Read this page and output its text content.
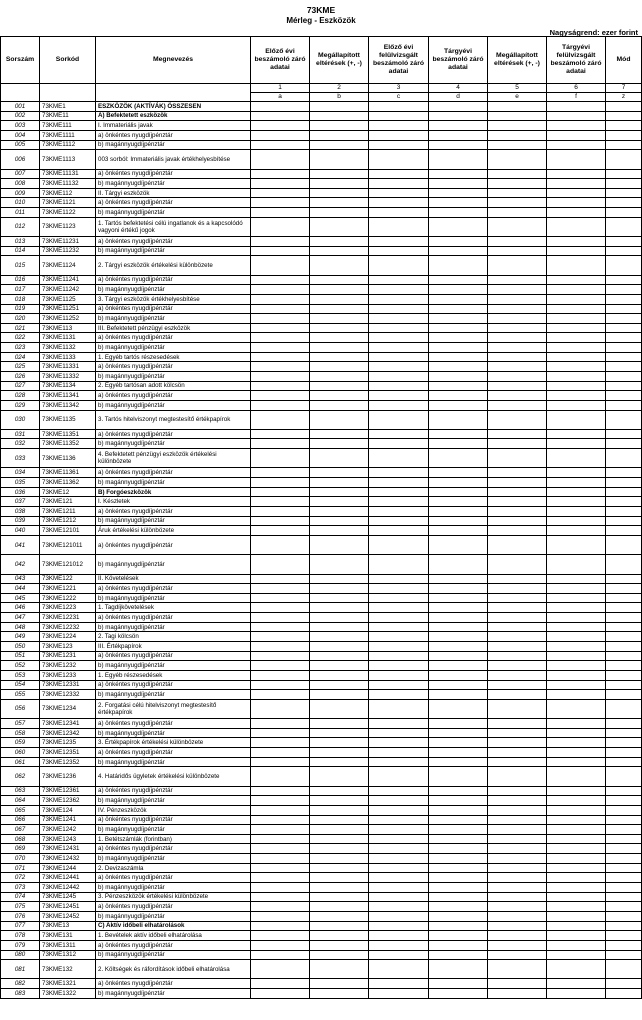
73KME
Mérleg - Eszközök
Nagyságrend: ezer forint
Sorszám	Sorkód	Megnevezés	Előző évi beszámoló záró adatai	Megállapított eltérések (+, -)	Előző évi felülvizsgált beszámoló záró adatai	Tárgyévi beszámoló záró adatai	Megállapított eltérések (+, -)	Tárgyévi felülvizsgált beszámoló záró adatai	Mód
			1	2	3	4	5	6	7
			a	b	c	d	e	f	z
001	73KME1	ESZKÖZÖK (AKTÍVÁK) ÖSSZESEN							
002	73KME11	A) Befektetett eszközök							
003	73KME111	I. Immateriális javak							
004	73KME1111	a) önkéntes nyugdíjpénztár							
005	73KME1112	b) magánnyugdíjpénztár							
006	73KME1113	003 sorból: Immateriális javak értékhelyesbítése							
007	73KME11131	a) önkéntes nyugdíjpénztár							
008	73KME11132	b) magánnyugdíjpénztár							
009	73KME112	II. Tárgyi eszközök							
010	73KME1121	a) önkéntes nyugdíjpénztár							
011	73KME1122	b) magánnyugdíjpénztár							
012	73KME1123	1. Tartós befektetési célú ingatlanok és a kapcsolódó vagyoni értékű jogok							
013	73KME11231	a) önkéntes nyugdíjpénztár							
014	73KME11232	b) magánnyugdíjpénztár							
015	73KME1124	2. Tárgyi eszközök értékelési különbözete							
016	73KME11241	a) önkéntes nyugdíjpénztár							
017	73KME11242	b) magánnyugdíjpénztár							
018	73KME1125	3. Tárgyi eszközök értékhelyesbítése							
019	73KME11251	a) önkéntes nyugdíjpénztár							
020	73KME11252	b) magánnyugdíjpénztár							
021	73KME113	III. Befektetett pénzügyi eszközök							
022	73KME1131	a) önkéntes nyugdíjpénztár							
023	73KME1132	b) magánnyugdíjpénztár							
024	73KME1133	1. Egyéb tartós részesedések							
025	73KME11331	a) önkéntes nyugdíjpénztár							
026	73KME11332	b) magánnyugdíjpénztár							
027	73KME1134	2. Egyéb tartósan adott kölcsön							
028	73KME11341	a) önkéntes nyugdíjpénztár							
029	73KME11342	b) magánnyugdíjpénztár							
030	73KME1135	3. Tartós hitelviszonyt megtestesítő értékpapírok							
031	73KME11351	a) önkéntes nyugdíjpénztár							
032	73KME11352	b) magánnyugdíjpénztár							
033	73KME1136	4. Befektetett pénzügyi eszközök értékelési különbözete							
034	73KME11361	a) önkéntes nyugdíjpénztár							
035	73KME11362	b) magánnyugdíjpénztár							
036	73KME12	B) Forgóeszközök							
037	73KME121	I. Készletek							
038	73KME1211	a) önkéntes nyugdíjpénztár							
039	73KME1212	b) magánnyugdíjpénztár							
040	73KME12101	Áruk értékelési különbözete							
041	73KME121011	a) önkéntes nyugdíjpénztár							
042	73KME121012	b) magánnyugdíjpénztár							
043	73KME122	II. Követelések							
044	73KME1221	a) önkéntes nyugdíjpénztár							
045	73KME1222	b) magánnyugdíjpénztár							
046	73KME1223	1. Tagdíjkövetelések							
047	73KME12231	a) önkéntes nyugdíjpénztár							
048	73KME12232	b) magánnyugdíjpénztár							
049	73KME1224	2. Tagi kölcsön							
050	73KME123	III. Értékpapírok							
051	73KME1231	a) önkéntes nyugdíjpénztár							
052	73KME1232	b) magánnyugdíjpénztár							
053	73KME1233	1. Egyéb részesedések							
054	73KME12331	a) önkéntes nyugdíjpénztár							
055	73KME12332	b) magánnyugdíjpénztár							
056	73KME1234	2. Forgatási célú hitelviszonyt megtestesítő értékpapírok							
057	73KME12341	a) önkéntes nyugdíjpénztár							
058	73KME12342	b) magánnyugdíjpénztár							
059	73KME1235	3. Értékpapírok értékelési különbözete							
060	73KME12351	a) önkéntes nyugdíjpénztár							
061	73KME12352	b) magánnyugdíjpénztár							
062	73KME1236	4. Határidős ügyletek értékelési különbözete							
063	73KME12361	a) önkéntes nyugdíjpénztár							
064	73KME12362	b) magánnyugdíjpénztár							
065	73KME124	IV. Pénzeszközök							
066	73KME1241	a) önkéntes nyugdíjpénztár							
067	73KME1242	b) magánnyugdíjpénztár							
068	73KME1243	1. Betétszámlák (forintban)							
069	73KME12431	a) önkéntes nyugdíjpénztár							
070	73KME12432	b) magánnyugdíjpénztár							
071	73KME1244	2. Devizaszámla							
072	73KME12441	a) önkéntes nyugdíjpénztár							
073	73KME12442	b) magánnyugdíjpénztár							
074	73KME1245	3. Pénzeszközök értékelési különbözete							
075	73KME12451	a) önkéntes nyugdíjpénztár							
076	73KME12452	b) magánnyugdíjpénztár							
077	73KME13	C) Aktív időbeli elhatárolások							
078	73KME131	1. Bevételek aktív időbeli elhatárolása							
079	73KME1311	a) önkéntes nyugdíjpénztár							
080	73KME1312	b) magánnyugdíjpénztár							
081	73KME132	2. Költségek és ráfordítások időbeli elhatárolása							
082	73KME1321	a) önkéntes nyugdíjpénztár							
083	73KME1322	b) magánnyugdíjpénztár							
